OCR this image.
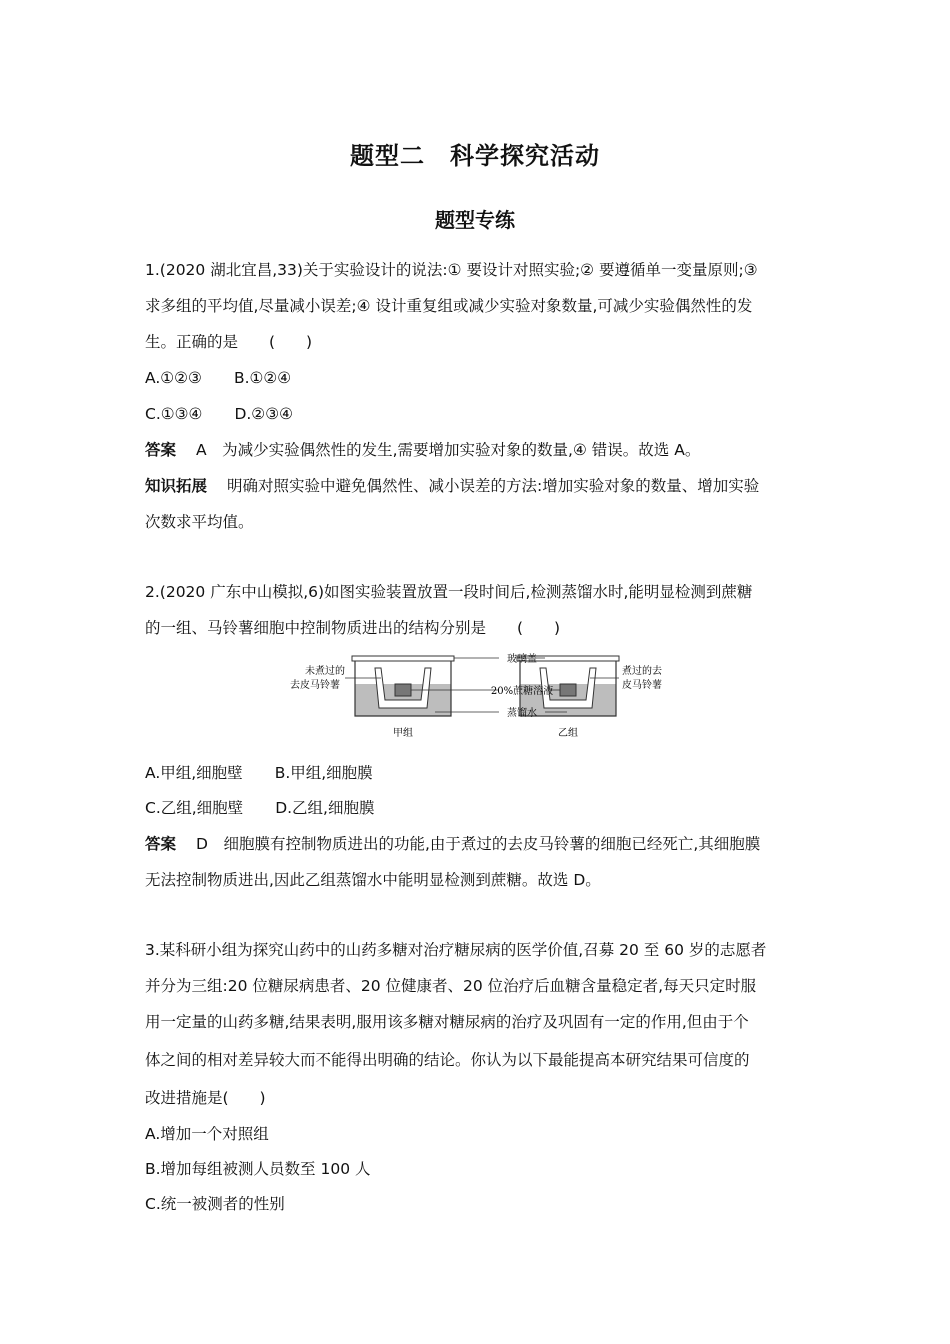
题型二　科学探究活动
题型专练
1.(2020 湖北宜昌,33)关于实验设计的说法:① 要设计对照实验;② 要遵循单一变量原则;③
求多组的平均值,尽量减小误差;④ 设计重复组或减少实验对象数量,可减少实验偶然性的发
生。正确的是　　(　　)
A.①②③ B.①②④
C.①③④ D.②③④
答案 A　为减少实验偶然性的发生,需要增加实验对象的数量,④ 错误。故选 A。
知识拓展 明确对照实验中避免偶然性、减小误差的方法:增加实验对象的数量、增加实验
次数求平均值。
2.(2020 广东中山模拟,6)如图实验装置放置一段时间后,检测蒸馏水时,能明显检测到蔗糖
的一组、马铃薯细胞中控制物质进出的结构分别是　　(　　)
未煮过的
去皮马铃薯
煮过的去
皮马铃薯
玻璃盖
20%蔗糖溶液
蒸馏水
甲组	乙组
A.甲组,细胞壁 B.甲组,细胞膜
C.乙组,细胞壁 D.乙组,细胞膜
答案 D　细胞膜有控制物质进出的功能,由于煮过的去皮马铃薯的细胞已经死亡,其细胞膜
无法控制物质进出,因此乙组蒸馏水中能明显检测到蔗糖。故选 D。
3.某科研小组为探究山药中的山药多糖对治疗糖尿病的医学价值,召募 20 至 60 岁的志愿者
并分为三组:20 位糖尿病患者、20 位健康者、20 位治疗后血糖含量稳定者,每天只定时服
用一定量的山药多糖,结果表明,服用该多糖对糖尿病的治疗及巩固有一定的作用,但由于个
体之间的相对差异较大而不能得出明确的结论。你认为以下最能提高本研究结果可信度的
改进措施是(　　)
A.增加一个对照组
B.增加每组被测人员数至 100 人
C.统一被测者的性别
